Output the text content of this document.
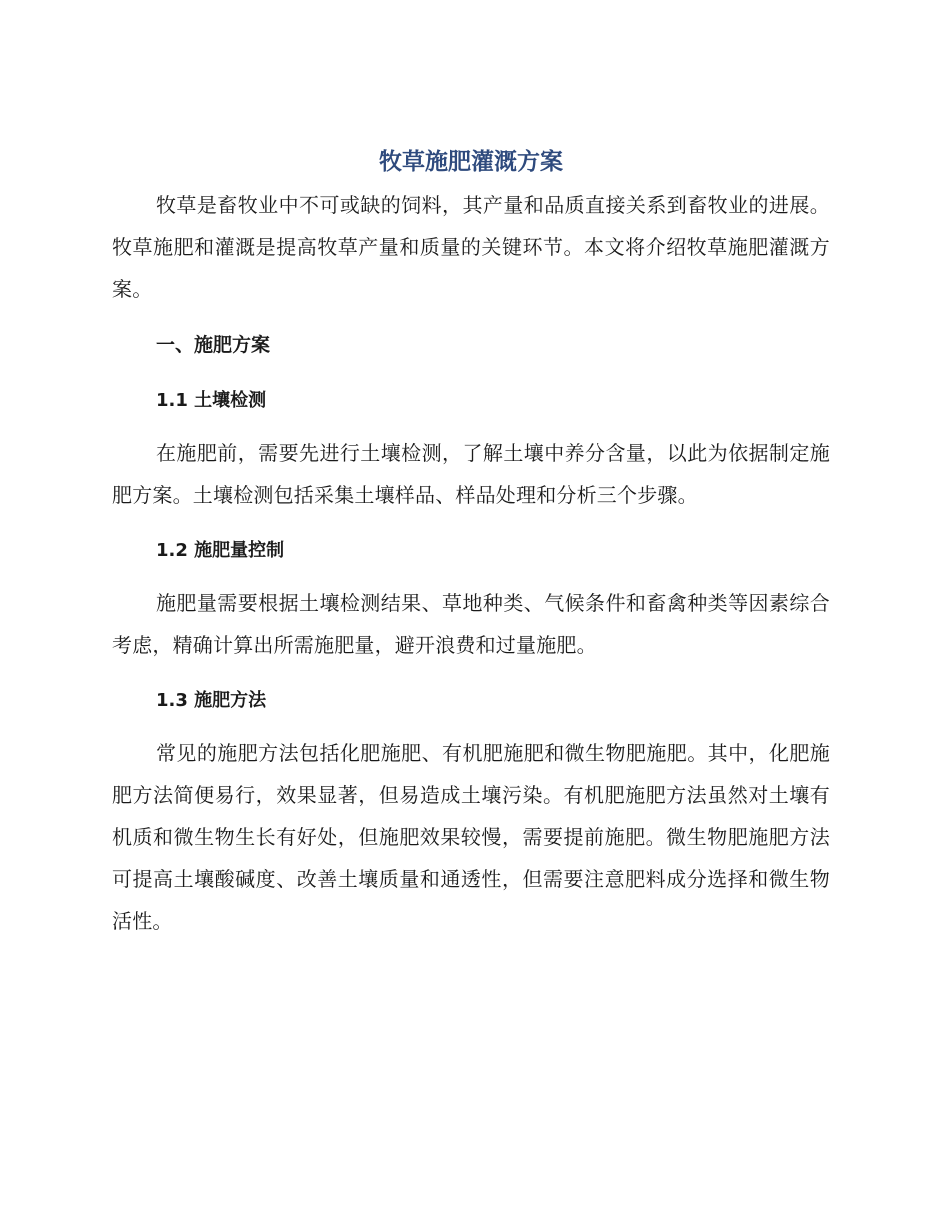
牧草施肥灌溉方案

牧草是畜牧业中不可或缺的饲料，其产量和品质直接关系到畜牧业的进展。牧草施肥和灌溉是提高牧草产量和质量的关键环节。本文将介绍牧草施肥灌溉方案。

一、施肥方案
1.1 土壤检测

在施肥前，需要先进行土壤检测，了解土壤中养分含量，以此为依据制定施肥方案。土壤检测包括采集土壤样品、样品处理和分析三个步骤。

1.2 施肥量控制

施肥量需要根据土壤检测结果、草地种类、气候条件和畜禽种类等因素综合考虑，精确计算出所需施肥量，避开浪费和过量施肥。

1.3 施肥方法

常见的施肥方法包括化肥施肥、有机肥施肥和微生物肥施肥。其中，化肥施肥方法简便易行，效果显著，但易造成土壤污染。有机肥施肥方法虽然对土壤有机质和微生物生长有好处，但施肥效果较慢，需要提前施肥。微生物肥施肥方法可提高土壤酸碱度、改善土壤质量和通透性，但需要注意肥料成分选择和微生物活性。
